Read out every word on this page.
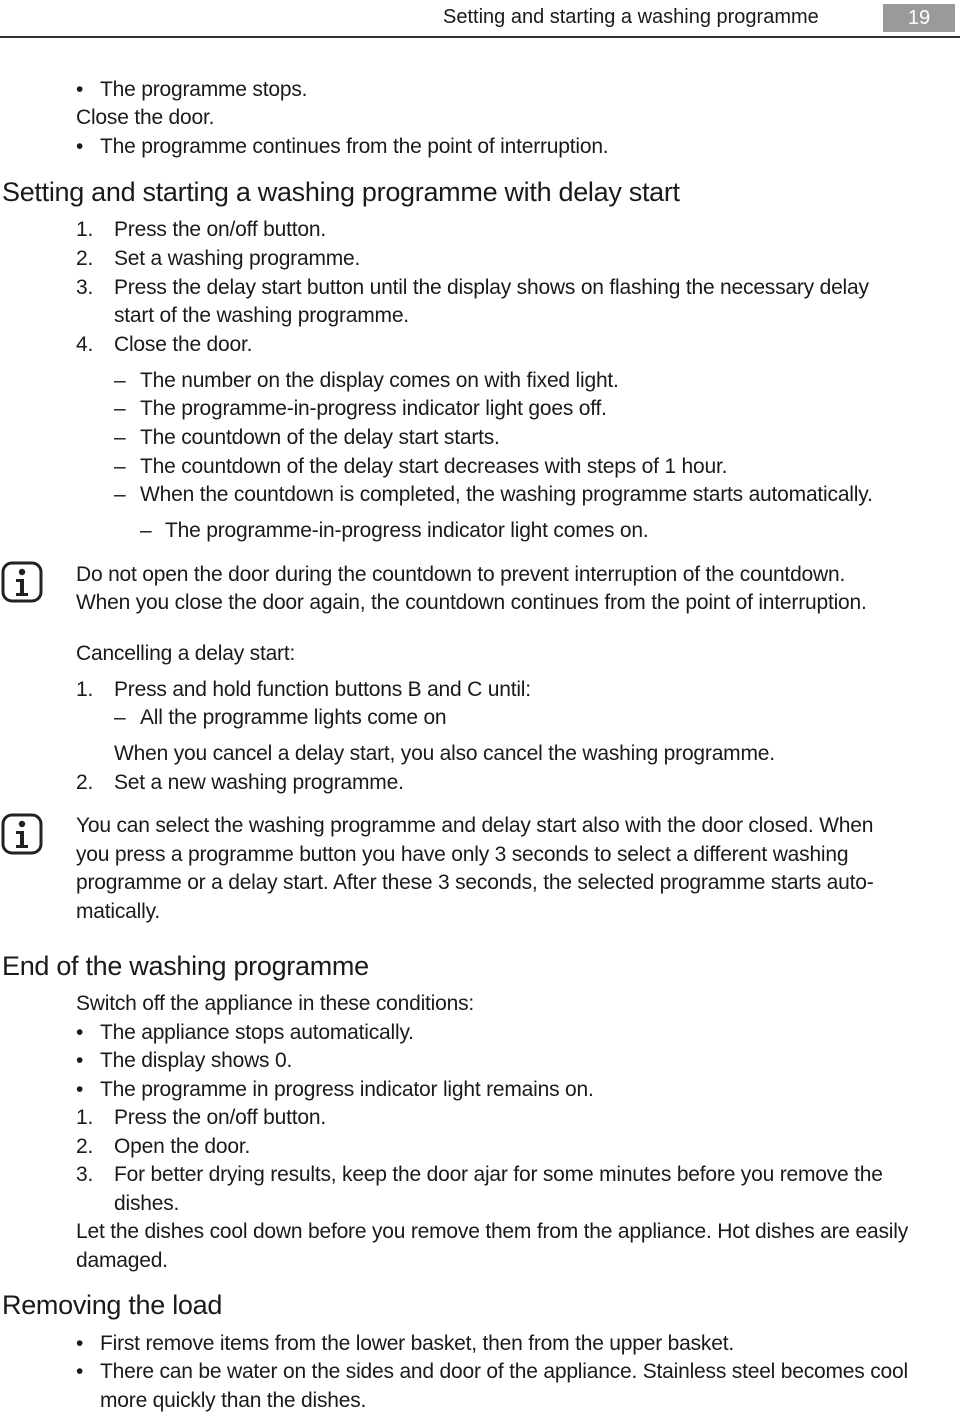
Setting and starting a washing programme	19
• The programme stops.
Close the door.
• The programme continues from the point of interruption.
Setting and starting a washing programme with delay start
1. Press the on/off button.
2. Set a washing programme.
3. Press the delay start button until the display shows on flashing the necessary delay
start of the washing programme.
4. Close the door.
– The number on the display comes on with fixed light.
– The programme-in-progress indicator light goes off.
– The countdown of the delay start starts.
– The countdown of the delay start decreases with steps of 1 hour.
– When the countdown is completed, the washing programme starts automatically.
– The programme-in-progress indicator light comes on.
Do not open the door during the countdown to prevent interruption of the countdown.
When you close the door again, the countdown continues from the point of interruption.
Cancelling a delay start:
1. Press and hold function buttons B and C until:
– All the programme lights come on
When you cancel a delay start, you also cancel the washing programme.
2. Set a new washing programme.
You can select the washing programme and delay start also with the door closed. When
you press a programme button you have only 3 seconds to select a different washing
programme or a delay start. After these 3 seconds, the selected programme starts auto-
matically.
End of the washing programme
Switch off the appliance in these conditions:
• The appliance stops automatically.
• The display shows 0.
• The programme in progress indicator light remains on.
1. Press the on/off button.
2. Open the door.
3. For better drying results, keep the door ajar for some minutes before you remove the
dishes.
Let the dishes cool down before you remove them from the appliance. Hot dishes are easily
damaged.
Removing the load
• First remove items from the lower basket, then from the upper basket.
• There can be water on the sides and door of the appliance. Stainless steel becomes cool
more quickly than the dishes.
